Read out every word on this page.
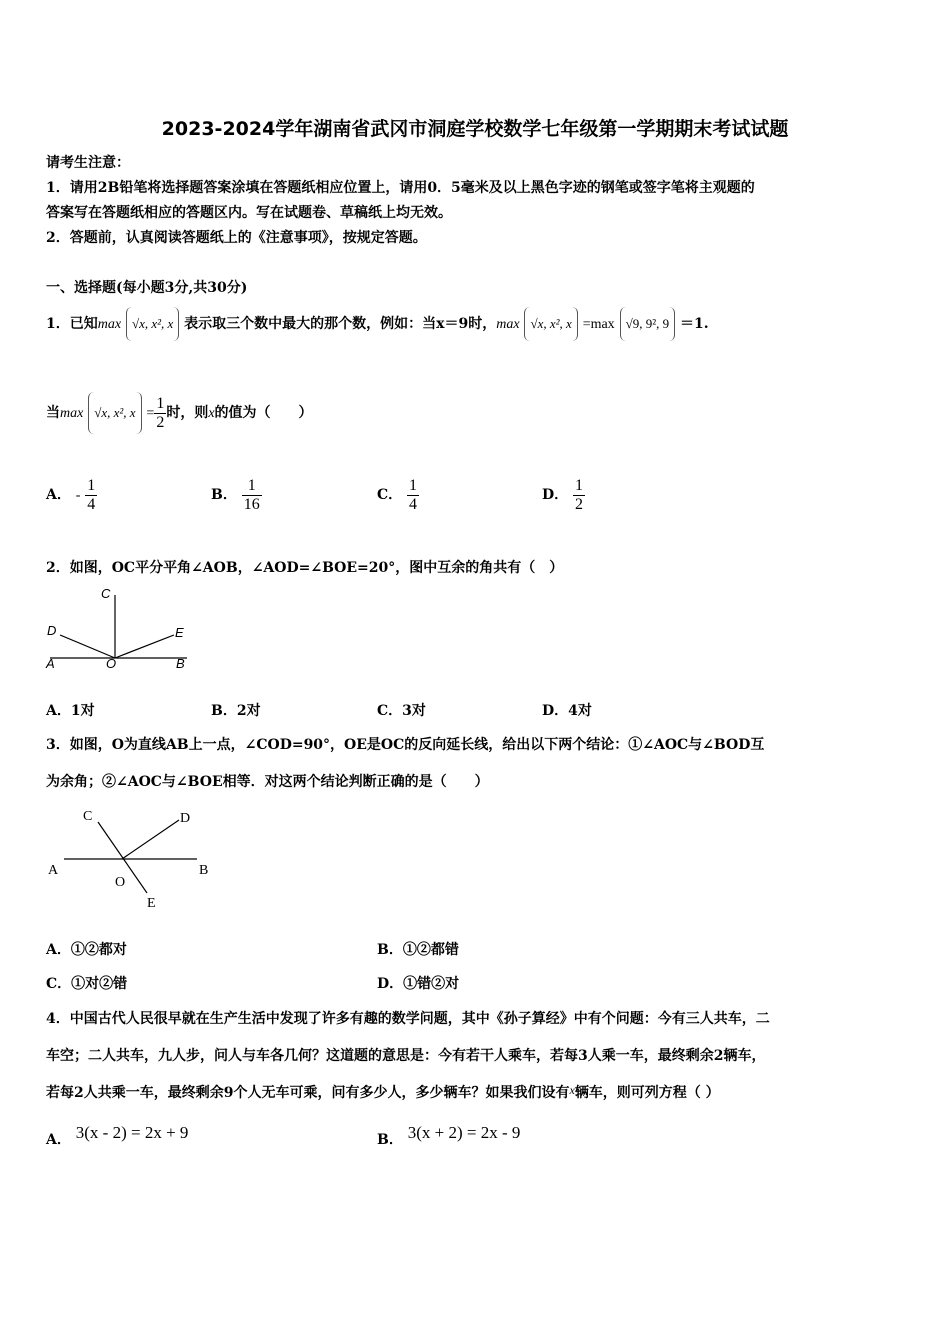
2023-2024学年湖南省武冈市洞庭学校数学七年级第一学期期末考试试题
请考生注意：
1．请用2B铅笔将选择题答案涂填在答题纸相应位置上，请用0．5毫米及以上黑色字迹的钢笔或签字笔将主观题的
答案写在答题纸相应的答题区内。写在试题卷、草稿纸上均无效。
2．答题前，认真阅读答题纸上的《注意事项》，按规定答题。
一、选择题(每小题3分,共30分)
1．已知max √x, x², x 表示取三个数中最大的那个数，例如：当x＝9时，max √x, x², x =max √9, 9², 9 ＝1.
当max √x, x², $x = \frac{1}{2}$ 时，则x的值为（　　）
A． - $\frac{1}{4}$	B． $\frac{1}{16}$	C． $\frac{1}{4}$	D． $\frac{1}{2}$
2．如图，OC平分平角∠AOB，∠AOD=∠BOE=20°，图中互余的角共有（　）
C
D	E
A	O	B
A．1对	B．2对	C．3对	D．4对
3．如图，O为直线AB上一点，∠COD=90°，OE是OC的反向延长线，给出以下两个结论：①∠AOC与∠BOD互
为余角；②∠AOC与∠BOE相等．对这两个结论判断正确的是（　　）
C	D
A
O
B
E
A．①②都对	B．①②都错
C．①对②错	D．①错②对
4．中国古代人民很早就在生产生活中发现了许多有趣的数学问题，其中《孙子算经》中有个问题：今有三人共车，二
车空；二人共车，九人步，问人与车各几何？这道题的意思是：今有若干人乘车，若每3人乘一车，最终剩余2辆车，
若每2人共乘一车，最终剩余9个人无车可乘，问有多少人，多少辆车？如果我们设有x辆车，则可列方程（ ）
A． 3(x - 2) = 2x + 9	B． 3(x + 2) = 2x - 9
